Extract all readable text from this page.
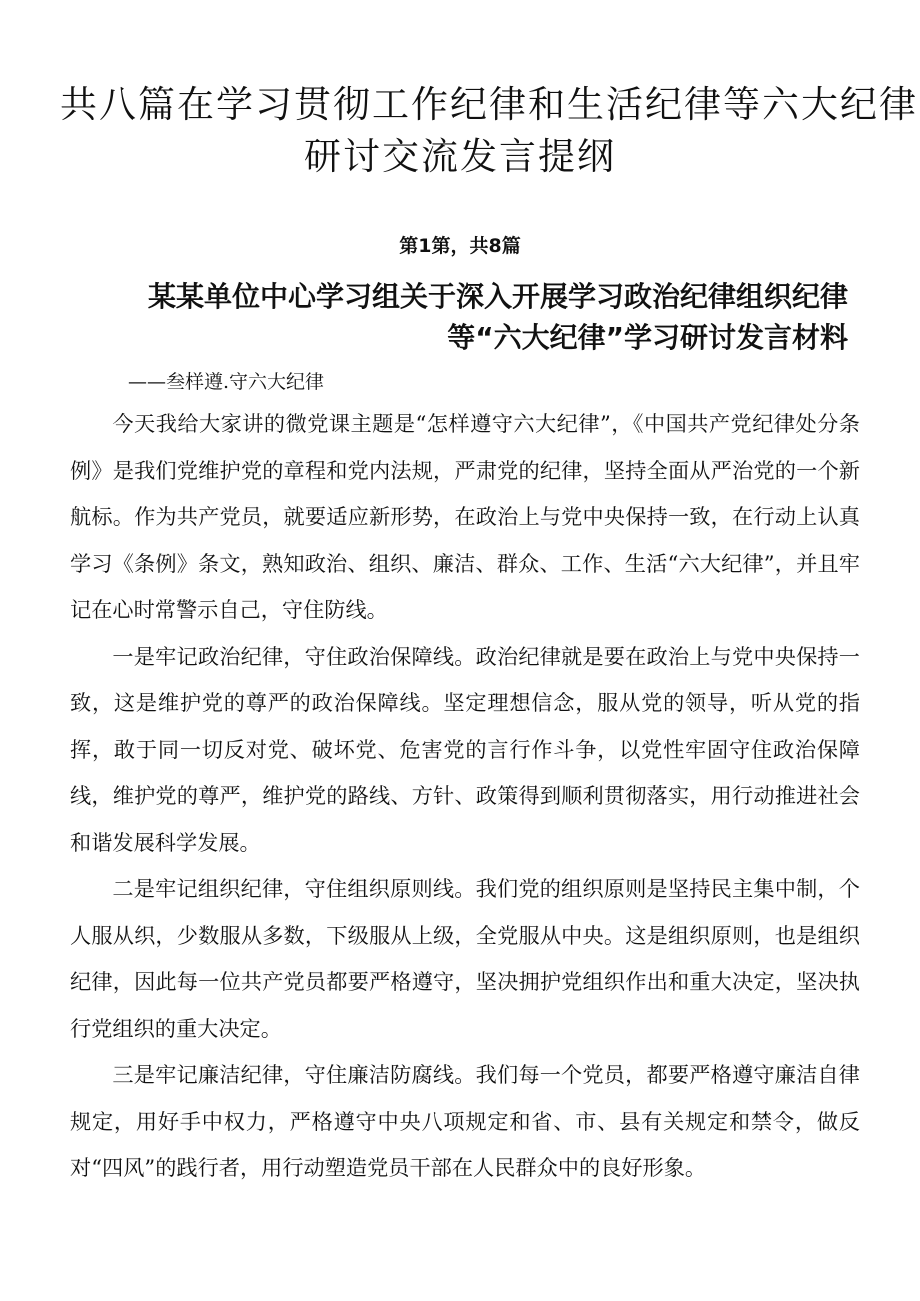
共八篇在学习贯彻工作纪律和生活纪律等六大纪律
研讨交流发言提纲
第1第，共8篇
某某单位中心学习组关于深入开展学习政治纪律组织纪律
等“六大纪律”学习研讨发言材料
——叁样遵.守六大纪律

今天我给大家讲的微党课主题是“怎样遵守六大纪律”，《中国共产党纪律处分条例》是我们党维护党的章程和党内法规，严肃党的纪律，坚持全面从严治党的一个新航标。作为共产党员，就要适应新形势，在政治上与党中央保持一致，在行动上认真学习《条例》条文，熟知政治、组织、廉洁、群众、工作、生活“六大纪律”，并且牢记在心时常警示自己，守住防线。

一是牢记政治纪律，守住政治保障线。政治纪律就是要在政治上与党中央保持一致，这是维护党的尊严的政治保障线。坚定理想信念，服从党的领导，听从党的指挥，敢于同一切反对党、破坏党、危害党的言行作斗争，以党性牢固守住政治保障线，维护党的尊严，维护党的路线、方针、政策得到顺利贯彻落实，用行动推进社会和谐发展科学发展。

二是牢记组织纪律，守住组织原则线。我们党的组织原则是坚持民主集中制，个人服从织，少数服从多数，下级服从上级，全党服从中央。这是组织原则，也是组织纪律，因此每一位共产党员都要严格遵守，坚决拥护党组织作出和重大决定，坚决执行党组织的重大决定。

三是牢记廉洁纪律，守住廉洁防腐线。我们每一个党员，都要严格遵守廉洁自律规定，用好手中权力，严格遵守中央八项规定和省、市、县有关规定和禁令，做反对“四风”的践行者，用行动塑造党员干部在人民群众中的良好形象。
